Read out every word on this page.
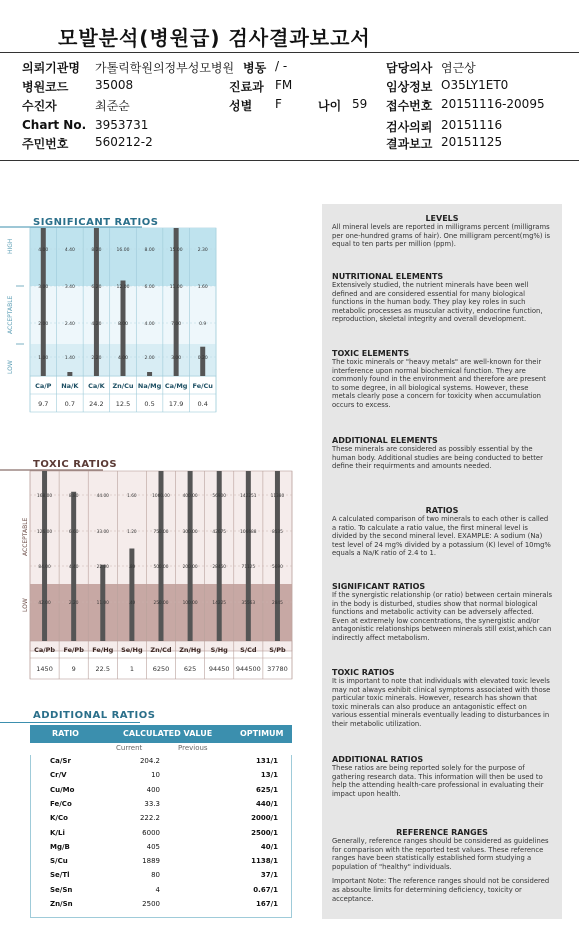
모발분석(병원급) 검사결과보고서
의뢰기관명 가톨릭학원의정부성모병원 병동 / -	담당의사 염근상
병원코드 35008	진료과 FM	임상정보 O35LY1ET0
수진자	최준순	성별 F	나이 59 접수번호 20151116-20095
Chart No. 3953731	검사의뢰 20151116
주민번호 560212-2	결과보고 20151125
SIGNIFICANT RATIOS
4.00
3.00
2.00
1.00
4.40
3.40
2.40
1.40
8.20
6.20
4.20
2.20
16.00
12.00
8.00
4.00
8.00
6.00
4.00
2.00
15.00
11.00
7.00
3.00
2.30
1.60
0.9
0.20
HIGH
ACCEPTABLE
LOW
Ca/P Na/K Ca/K Zn/Cu Na/Mg Ca/Mg Fe/Cu
9.7 0.7 24.2 12.5 0.5 17.9 0.4
TOXIC RATIOS
168.00
126.00
84.00
42.00
8.80
6.60
4.40
2.20
44.00
33.00
22.00
11.00
1.60
1.20
.80
.40
1000.00
750.00
500.00
250.00
400.00
300.00
200.00
100.00
56900
42675
28450
14225
142251
106688
71125
35563
11380
8535
5690
2845
ACCEPTABLE
LOW
Ca/Pb Fe/Pb Fe/Hg Se/Hg Zn/Cd Zn/Hg S/Hg S/Cd S/Pb
1450	9	22.5	1	6250 625 94450 944500 37780
ADDITIONAL RATIOS
RATIO	CALCULATED VALUE	OPTIMUM
Current	Previous
Ca/Sr	204.2	131/1
Cr/V	10	13/1
Cu/Mo	400	625/1
Fe/Co	33.3	440/1
K/Co	222.2	2000/1
K/Li	6000	2500/1
Mg/B	405	40/1
S/Cu	1889	1138/1
Se/Tl	80	37/1
Se/Sn	4	0.67/1
Zn/Sn	2500	167/1
LEVELS

All mineral levels are reported in milligrams percent (milligrams per one-hundred grams of hair). One milligram percent(mg%) is equal to ten parts per million (ppm).

NUTRITIONAL ELEMENTS

Extensively studied, the nutrient minerals have been well defined and are considered essential for many biological functions in the human body. They play key roles in such metabolic processes as muscular activity, endocrine function, reproduction, skeletal integrity and overall development.

TOXIC ELEMENTS

The toxic minerals or "heavy metals" are well-known for their interference upon normal biochemical function. They are commonly found in the environment and therefore are present to some degree, in all biological systems. However, these metals clearly pose a concern for toxicity when accumulation occurs to excess.

ADDITIONAL ELEMENTS

These minerals are considered as possibly essential by the human body. Additional studies are being conducted to better define their requirments and amounts needed.

RATIOS

A calculated comparison of two minerals to each other is called a ratio. To calculate a ratio value, the first mineral level is divided by the second mineral level. EXAMPLE: A sodium (Na) test level of 24 mg% divided by a potassium (K) level of 10mg% equals a Na/K ratio of 2.4 to 1.

SIGNIFICANT RATIOS

If the synergistic relationship (or ratio) between certain minerals in the body is disturbed, studies show that normal biological functions and metabolic activity can be adversely affected. Even at extremely low concentrations, the synergistic and/or antagonistic relationships between minerals still exist,which can indirectly affect metabolism.

TOXIC RATIOS

It is important to note that individuals with elevated toxic levels may not always exhibit clinical symptoms associated with those particular toxic minerals. However, research has shown that toxic minerals can also produce an antagonistic effect on various essential minerals eventually leading to disturbances in their metabolic utilization.

ADDITIONAL RATIOS

These ratios are being reported solely for the purpose of gathering research data. This information will then be used to help the attending health-care professional in evaluating their impact upon health.

REFERENCE RANGES

Generally, reference ranges should be considered as guidelines for comparison with the reported test values. These reference ranges have been statistically established form studying a population of "healthy" individuals.

Important Note: The reference ranges should not be considered as absoulte limits for determining deficiency, toxicity or acceptance.
